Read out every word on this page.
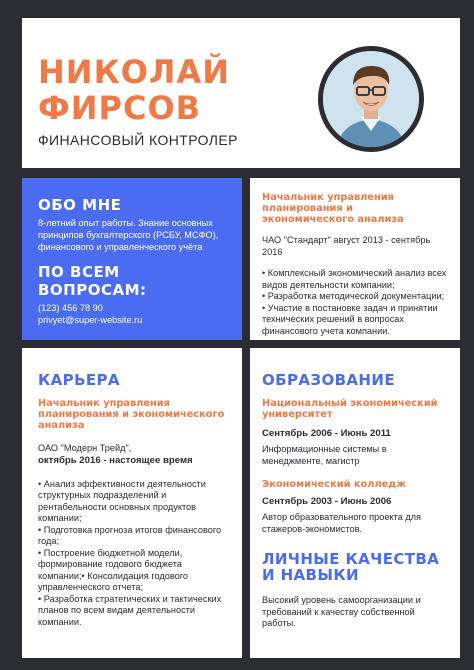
НИКОЛАЙ
ФИРСОВ
ФИНАНСОВЫЙ КОНТРОЛЕР
ОБО МНЕ

8-летний опыт работы. Знание основных принципов бухгалтерского (РСБУ, МСФО), финансового и управленческого учёта

ПО ВСЕМ ВОПРОСАМ:

(123) 456 78 90

privyet@super-website.ru

Начальник управления планирования и экономического анализа

ЧАО "Стандарт" август 2013 - сентябрь 2016

• Комплексный экономический анализ всех видов деятельности компании;
• Разработка методической документации;
• Участие в постановке задач и принятии технических решений в вопросах финансового учета компании.
КАРЬЕРА

Начальник управления планирования и экономического анализа

ОАО "Модерн Трейд",

октябрь 2016 - настоящее время

• Анализ эффективности деятельности структурных подразделений и рентабельности основных продуктов компании;
• Подготовка прогноза итогов финансового года;
• Построение бюджетной модели, формирование годового бюджета компании;• Консолидация годового управленческого отчета;
• Разработка стратегических и тактических планов по всем видам деятельности компании.
ОБРАЗОВАНИЕ

Национальный экономический университет

Сентябрь 2006 - Июнь 2011

Информационные системы в менеджменте, магистр

Экономический колледж

Сентябрь 2003 - Июнь 2006

Автор образовательного проекта для стажеров-экономистов.

ЛИЧНЫЕ КАЧЕСТВА И НАВЫКИ

Высокий уровень самоорганизации и требований к качеству собственной работы.
